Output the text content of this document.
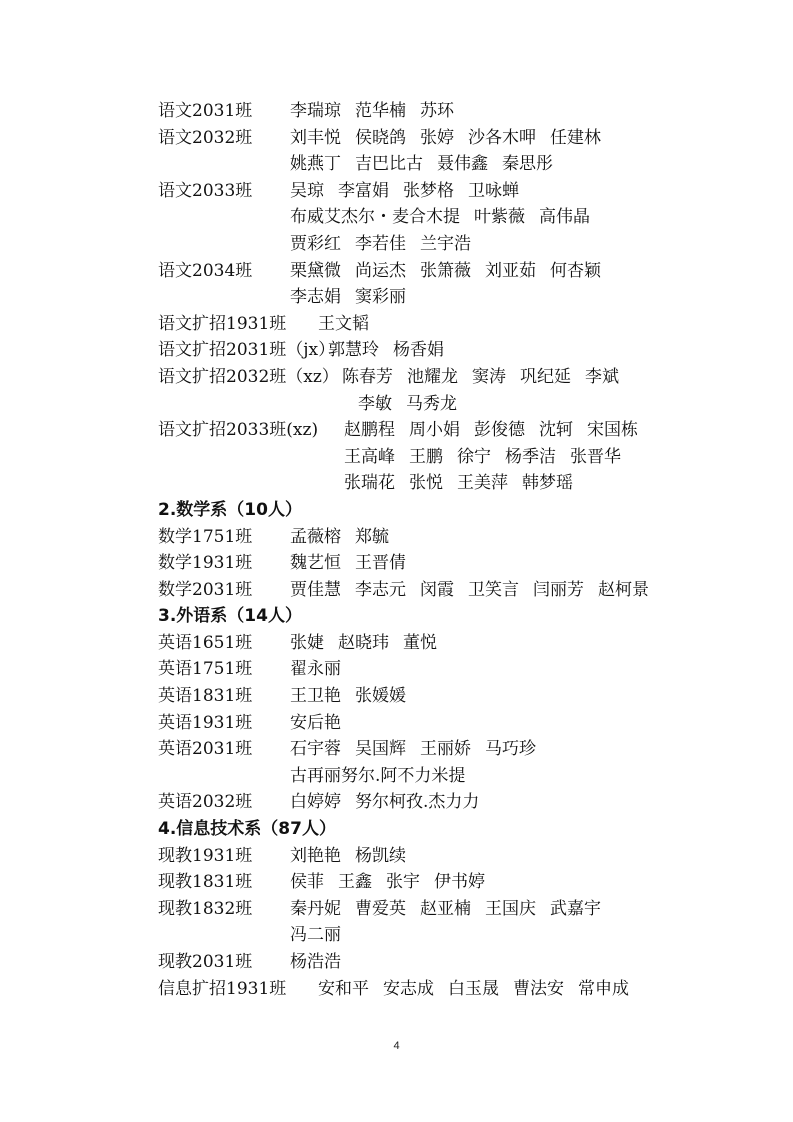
语文2031班 李瑞琼 范华楠 苏环
语文2032班 刘丰悦 侯晓鸽 张婷 沙各木呷 任建林
姚燕丁 吉巴比古 聂伟鑫 秦思彤
语文2033班 吴琼 李富娟 张梦格 卫咏蝉
布威艾杰尔・麦合木提 叶紫薇 高伟晶
贾彩红 李若佳 兰宇浩
语文2034班 栗黛微 尚运杰 张箫薇 刘亚茹 何杏颖
李志娟 窦彩丽
语文扩招1931班 王文韬
语文扩招2031班（jx）
郭慧玲 杨香娟
语文扩招2032班（xz） 陈春芳 池耀龙 窦涛 巩纪延 李斌
李敏 马秀龙
语文扩招2033班(xz) 赵鹏程 周小娟 彭俊德 沈轲 宋国栋
王高峰 王鹏 徐宁 杨季洁 张晋华
张瑞花 张悦 王美萍 韩梦瑶
2.数学系（10人）
数学1751班 孟薇榕 郑毓
数学1931班 魏艺恒 王晋倩
数学2031班 贾佳慧 李志元 闵霞 卫笑言 闫丽芳 赵柯景
3.外语系（14人）
英语1651班 张婕 赵晓玮 董悦
英语1751班 翟永丽
英语1831班 王卫艳 张媛媛
英语1931班 安后艳
英语2031班 石宇蓉 吴国辉 王丽娇 马巧珍
古再丽努尔.阿不力米提
英语2032班 白婷婷 努尔柯孜.杰力力
4.信息技术系（87人）
现教1931班 刘艳艳 杨凯续
现教1831班 侯菲 王鑫 张宇 伊书婷
现教1832班 秦丹妮 曹爱英 赵亚楠 王国庆 武嘉宇
冯二丽
现教2031班 杨浩浩
信息扩招1931班 安和平 安志成 白玉晟 曹法安 常申成
4
